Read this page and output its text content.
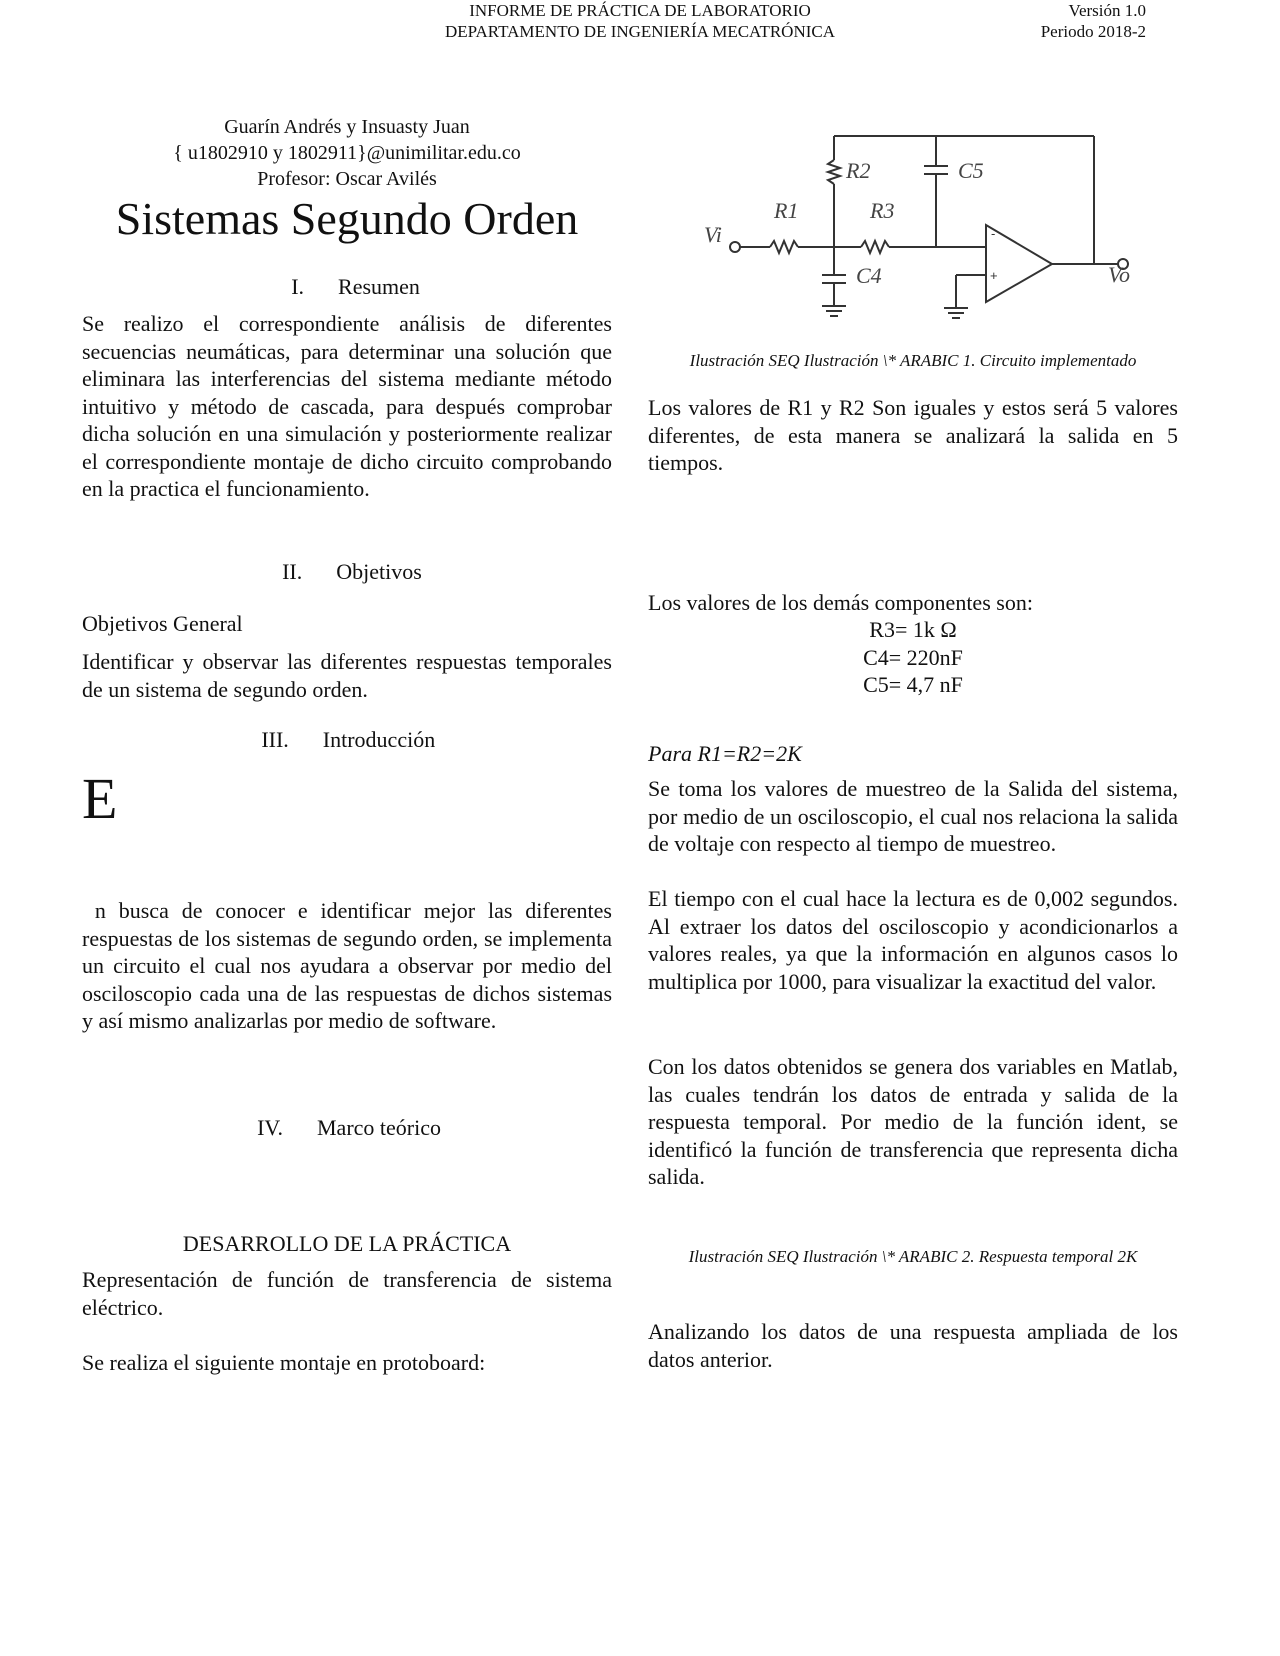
INFORME DE PRÁCTICA DE LABORATORIO
DEPARTAMENTO DE INGENIERÍA MECATRÓNICA
Versión 1.0
Periodo 2018-2
Guarín Andrés y Insuasty Juan
{ u1802910 y 1802911}@unimilitar.edu.co
Profesor: Oscar Avilés
Sistemas Segundo Orden
I. Resumen

Se realizo el correspondiente análisis de diferentes secuencias neumáticas, para determinar una solución que eliminara las interferencias del sistema mediante método intuitivo y método de cascada, para después comprobar dicha solución en una simulación y posteriormente realizar el correspondiente montaje de dicho circuito comprobando en la practica el funcionamiento.

II. Objetivos

Objetivos General

Identificar y observar las diferentes respuestas temporales de un sistema de segundo orden.

III. Introducción
E

n busca de conocer e identificar mejor las diferentes respuestas de los sistemas de segundo orden, se implementa un circuito el cual nos ayudara a observar por medio del osciloscopio cada una de las respuestas de dichos sistemas y así mismo analizarlas por medio de software.

IV. Marco teórico
DESARROLLO DE LA PRÁCTICA

Representación de función de transferencia de sistema eléctrico.

Se realiza el siguiente montaje en protoboard:

Vi
R1
R2
R3
C4
C5
Vo
-
+
Ilustración SEQ Ilustración \* ARABIC 1. Circuito implementado

Los valores de R1 y R2 Son iguales y estos será 5 valores diferentes, de esta manera se analizará la salida en 5 tiempos.

Los valores de los demás componentes son:

R3= 1k Ω
C4= 220nF
C5= 4,7 nF

Para R1=R2=2K

Se toma los valores de muestreo de la Salida del sistema, por medio de un osciloscopio, el cual nos relaciona la salida de voltaje con respecto al tiempo de muestreo.

El tiempo con el cual hace la lectura es de 0,002 segundos. Al extraer los datos del osciloscopio y acondicionarlos a valores reales, ya que la información en algunos casos lo multiplica por 1000, para visualizar la exactitud del valor.

Con los datos obtenidos se genera dos variables en Matlab, las cuales tendrán los datos de entrada y salida de la respuesta temporal. Por medio de la función ident, se identificó la función de transferencia que representa dicha salida.

Ilustración SEQ Ilustración \* ARABIC 2. Respuesta temporal 2K

Analizando los datos de una respuesta ampliada de los datos anterior.
